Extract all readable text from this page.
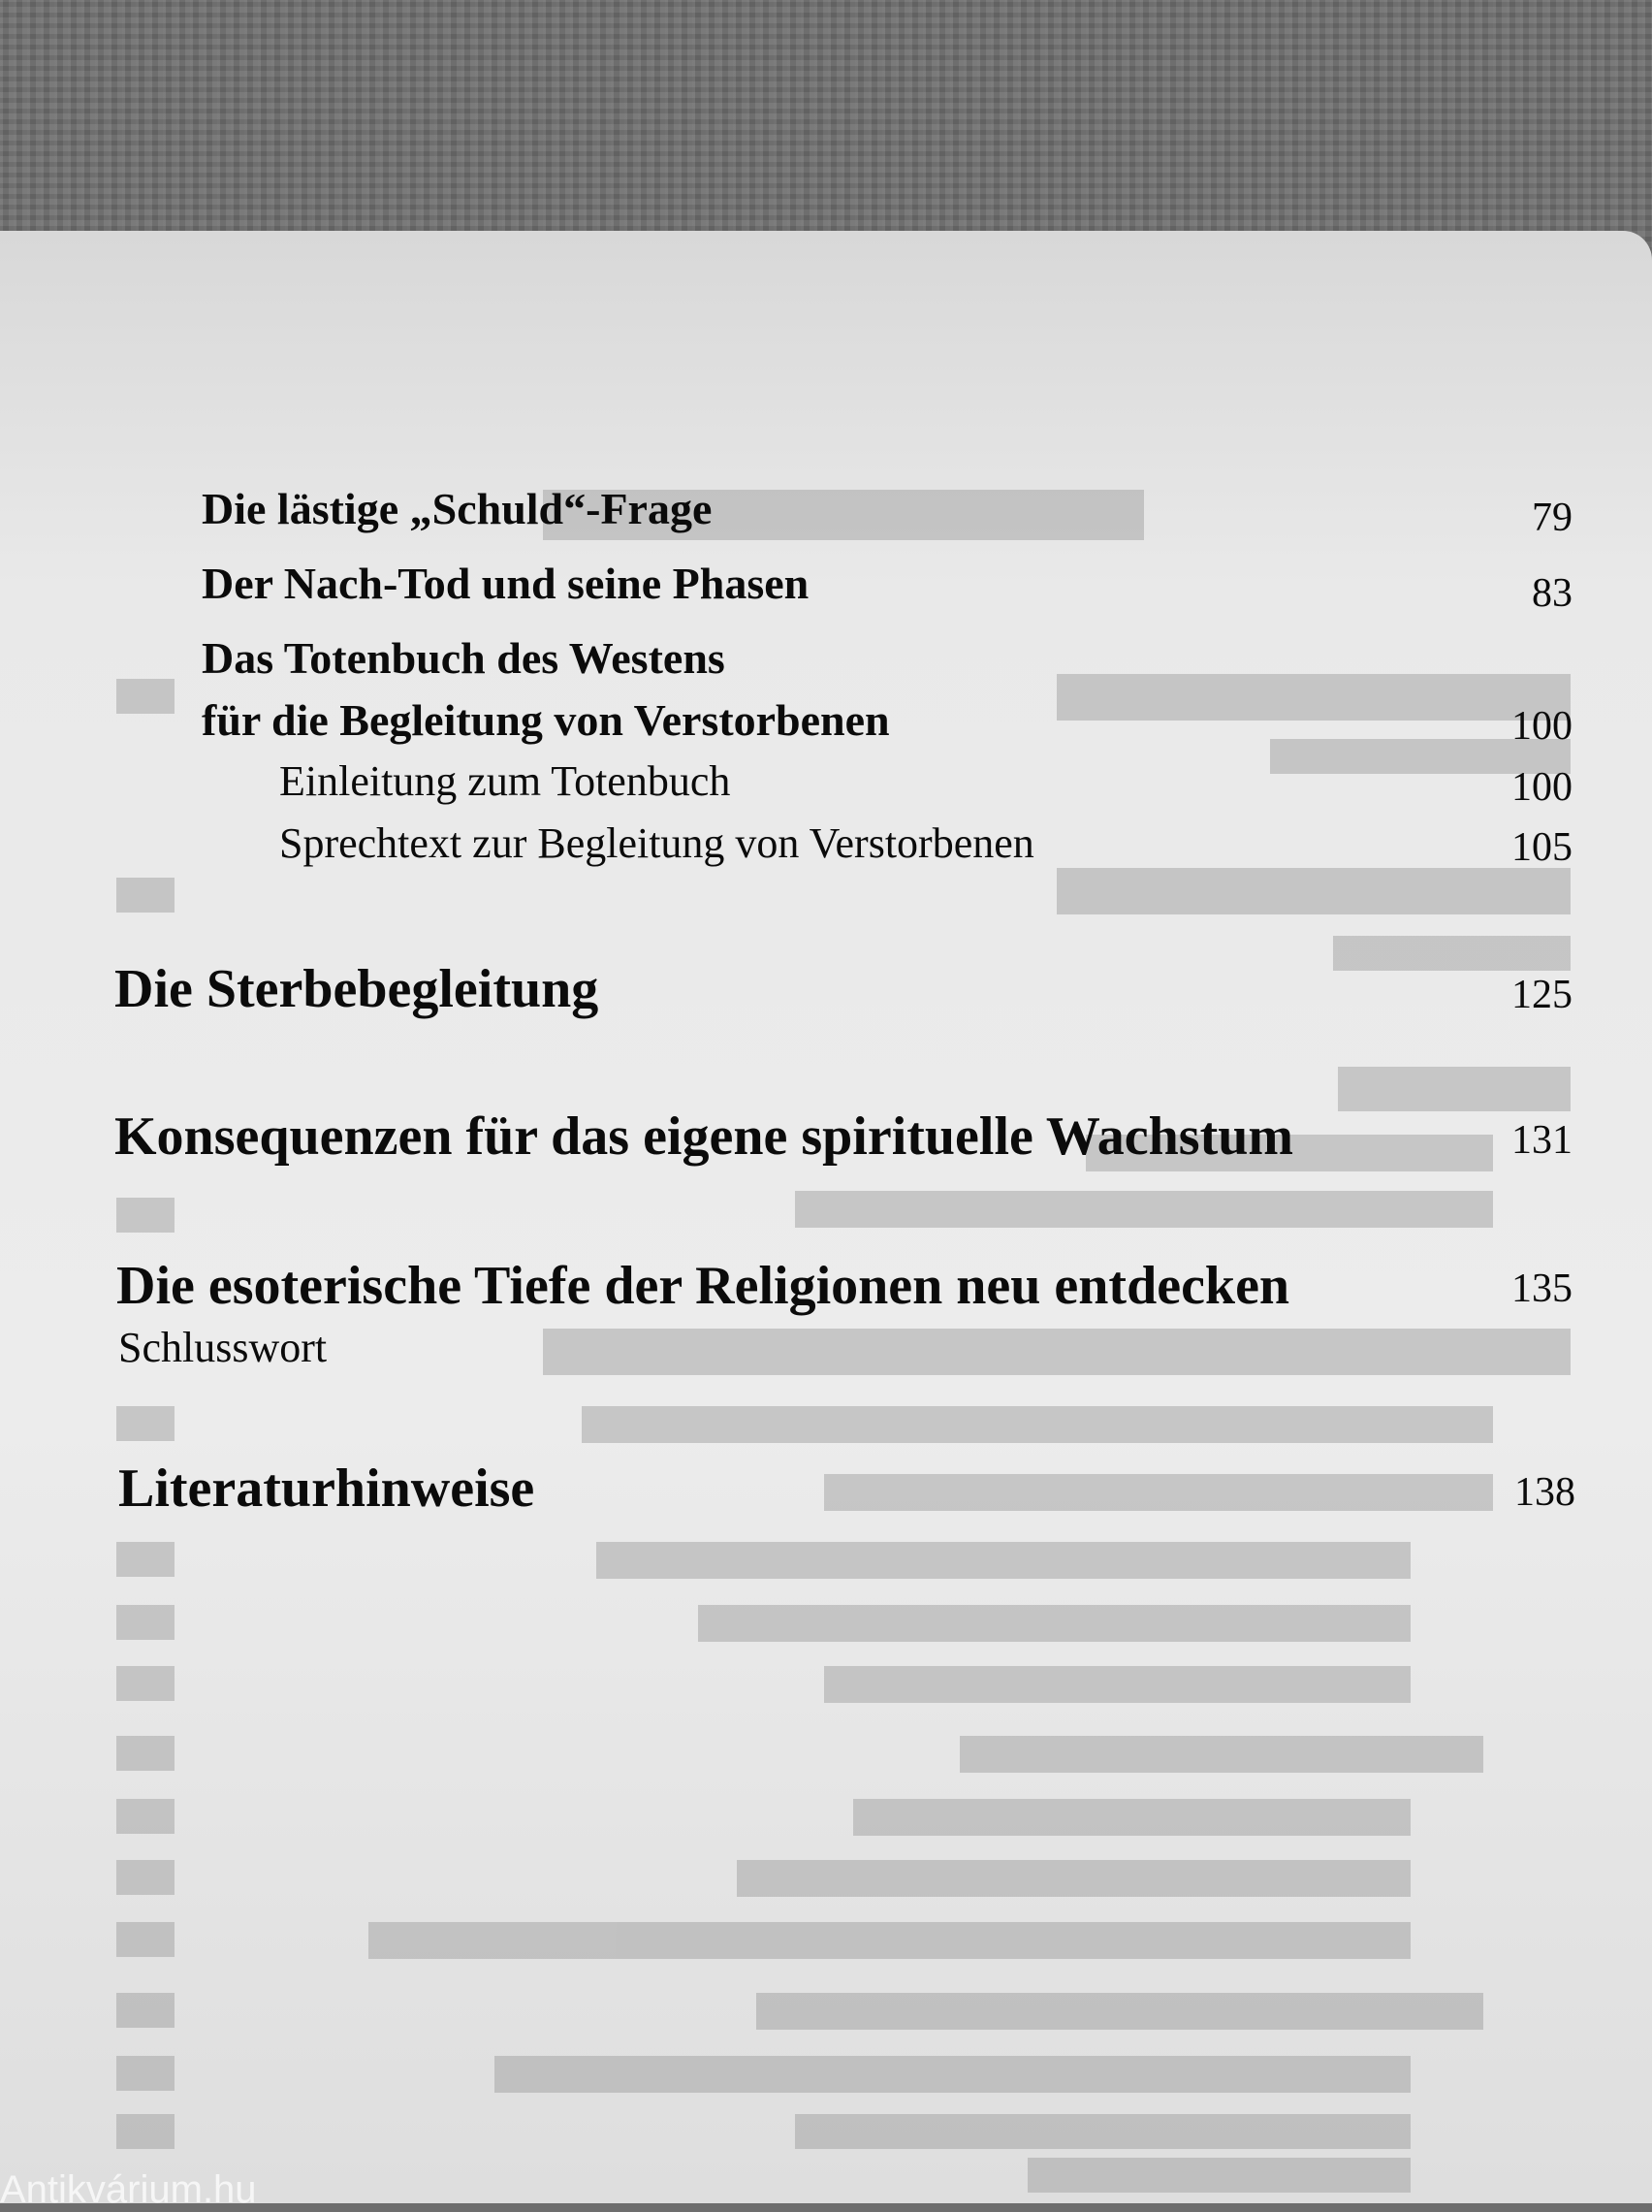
Die lästige „Schuld“-Frage	79
Der Nach-Tod und seine Phasen	83
Das Totenbuch des Westens
für die Begleitung von Verstorbenen	100
Einleitung zum Totenbuch	100
Sprechtext zur Begleitung von Verstorbenen	105
Die Sterbebegleitung	125
Konsequenzen für das eigene spirituelle Wachstum	131
Die esoterische Tiefe der Religionen neu entdecken	135
Schlusswort
Literaturhinweise	138
Antikvárium.hu
